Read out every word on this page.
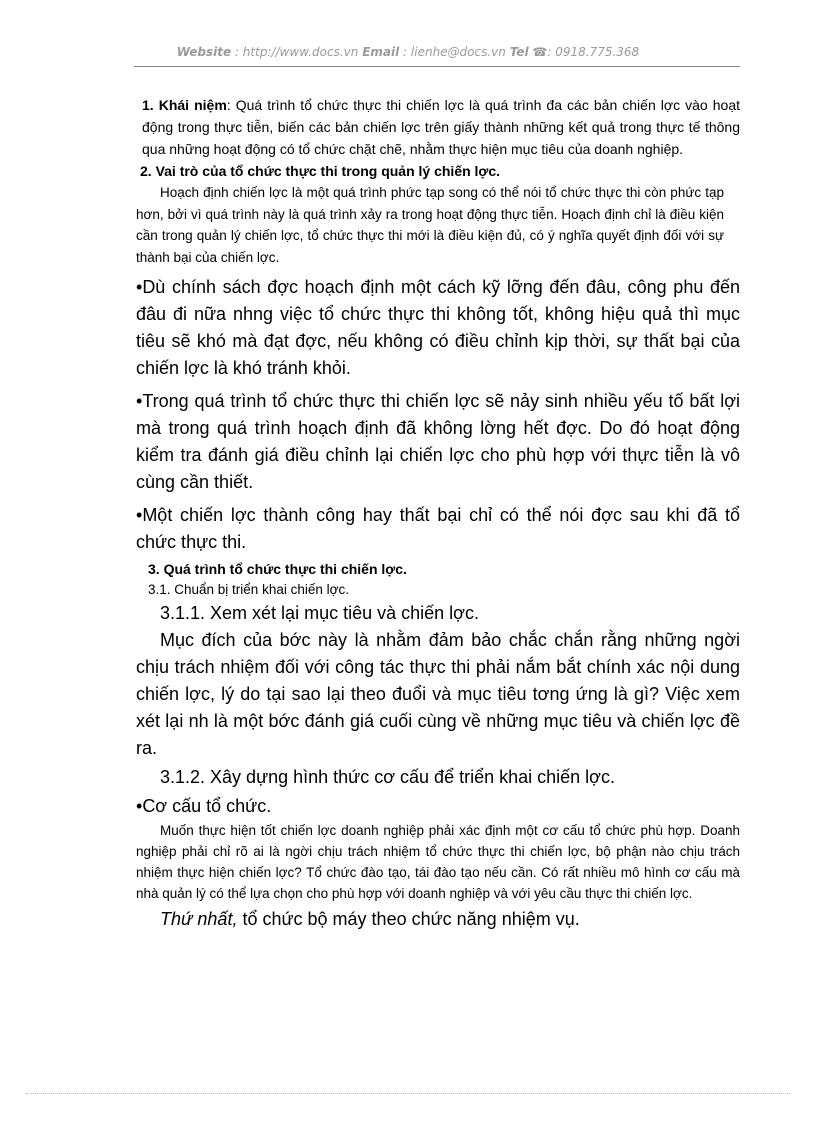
Website : http://www.docs.vn Email : lienhe@docs.vn Tel ☎: 0918.775.368

1. Khái niệm: Quá trình tổ chức thực thi chiến lợc là quá trình đa các bản chiến lợc vào hoạt động trong thực tiễn, biến các bản chiến lợc trên giấy thành những kết quả trong thực tế thông qua những hoạt động có tổ chức chặt chẽ, nhằm thực hiện mục tiêu của doanh nghiệp.

2. Vai trò của tổ chức thực thi trong quản lý chiến lợc.

Hoạch định chiến lợc là một quá trình phức tạp song có thể nói tổ chức thực thi còn phức tạp hơn, bởi vì quá trình này là quá trình xảy ra trong hoạt động thực tiễn. Hoạch định chỉ là điều kiện cần trong quản lý chiến lợc, tổ chức thực thi mới là điều kiện đủ, có ý nghĩa quyết định đối với sự thành bại của chiến lợc.

•Dù chính sách đợc hoạch định một cách kỹ lỡng đến đâu, công phu đến đâu đi nữa nhng việc tổ chức thực thi không tốt, không hiệu quả thì mục tiêu sẽ khó mà đạt đợc, nếu không có điều chỉnh kịp thời, sự thất bại của chiến lợc là khó tránh khỏi.

•Trong quá trình tổ chức thực thi chiến lợc sẽ nảy sinh nhiều yếu tố bất lợi mà trong quá trình hoạch định đã không lờng hết đợc. Do đó hoạt động kiểm tra đánh giá điều chỉnh lại chiến lợc cho phù hợp với thực tiễn là vô cùng cần thiết.

•Một chiến lợc thành công hay thất bại chỉ có thể nói đợc sau khi đã tổ chức thực thi.

3. Quá trình tổ chức thực thi chiến lợc.

3.1. Chuẩn bị triển khai chiến lợc.

3.1.1. Xem xét lại mục tiêu và chiến lợc.

Mục đích của bớc này là nhằm đảm bảo chắc chắn rằng những ngời chịu trách nhiệm đối với công tác thực thi phải nắm bắt chính xác nội dung chiến lợc, lý do tại sao lại theo đuổi và mục tiêu tơng ứng là gì? Việc xem xét lại nh là một bớc đánh giá cuối cùng về những mục tiêu và chiến lợc đề ra.

3.1.2. Xây dựng hình thức cơ cấu để triển khai chiến lợc.

•Cơ cấu tổ chức.

Muốn thực hiện tốt chiến lợc doanh nghiệp phải xác định một cơ cấu tổ chức phù hợp. Doanh nghiệp phải chỉ rõ ai là ngời chịu trách nhiệm tổ chức thực thi chiến lợc, bộ phận nào chịu trách nhiệm thực hiện chiến lợc? Tổ chức đào tạo, tái đào tạo nếu cần. Có rất nhiều mô hình cơ cấu mà nhà quản lý có thể lựa chọn cho phù hợp với doanh nghiệp và với yêu cầu thực thi chiến lợc.

Thứ nhất, tổ chức bộ máy theo chức năng nhiệm vụ.
